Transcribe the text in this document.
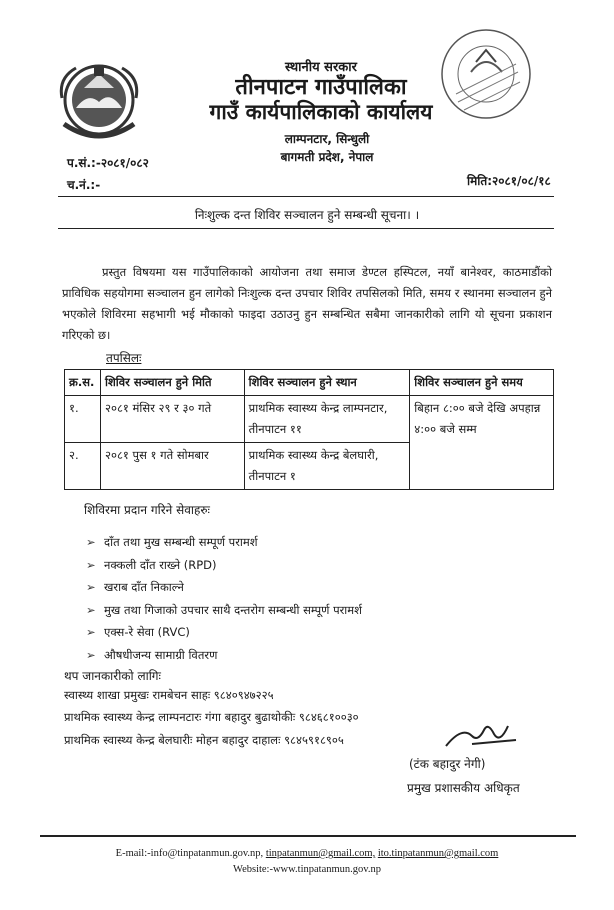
स्थानीय सरकार
तीनपाटन गाउँपालिका
गाउँ कार्यपालिकाको कार्यालय
लाम्पनटार, सिन्धुली
बागमती प्रदेश, नेपाल
प.सं.:-२०८१/०८२
च.नं.:-	मिति:२०८१/०८/१८
निःशुल्क दन्त शिविर सञ्चालन हुने सम्बन्धी सूचना। ।
प्रस्तुत विषयमा यस गाउँपालिकाको आयोजना तथा समाज डेण्टल हस्पिटल, नयाँ बानेश्वर, काठमाडौंको प्राविधिक सहयोगमा सञ्चालन हुन लागेको निःशुल्क दन्त उपचार शिविर तपसिलको मिति, समय र स्थानमा सञ्चालन हुने भएकोले शिविरमा सहभागी भई मौकाको फाइदा उठाउनु हुन सम्बन्धित सबैमा जानकारीको लागि यो सूचना प्रकाशन गरिएको छ।
तपसिलः
क्र.स.	शिविर सञ्चालन हुने मिति	शिविर सञ्चालन हुने स्थान	शिविर सञ्चालन हुने समय
१.	२०८१ मंसिर २९ र ३० गते	प्राथमिक स्वास्थ्य केन्द्र लाम्पनटार, तीनपाटन ११	बिहान ८:०० बजे देखि अपहान्न ४:०० बजे सम्म
२.	२०८१ पुस १ गते सोमबार	प्राथमिक स्वास्थ्य केन्द्र बेलघारी, तीनपाटन १	
शिविरमा प्रदान गरिने सेवाहरुः
➢ दाँत तथा मुख सम्बन्धी सम्पूर्ण परामर्श
➢ नक्कली दाँत राख्ने (RPD)
➢ खराब दाँत निकाल्ने
➢ मुख तथा गिजाको उपचार साथै दन्तरोग सम्बन्धी सम्पूर्ण परामर्श
➢ एक्स-रे सेवा (RVC)
➢ औषधीजन्य सामाग्री वितरण
थप जानकारीको लागिः
स्वास्थ्य शाखा प्रमुखः रामबेचन साहः ९८४०९४७२२५
प्राथमिक स्वास्थ्य केन्द्र लाम्पनटारः गंगा बहादुर बुढाथोकीः ९८४६८१००३०
प्राथमिक स्वास्थ्य केन्द्र बेलघारीः मोहन बहादुर दाहालः ९८४५९१८९०५
(टंक बहादुर नेगी)
प्रमुख प्रशासकीय अधिकृत
E-mail:-info@tinpatanmun.gov.np, tinpatanmun@gmail.com, ito.tinpatanmun@gmail.com
Website:-www.tinpatanmun.gov.np
